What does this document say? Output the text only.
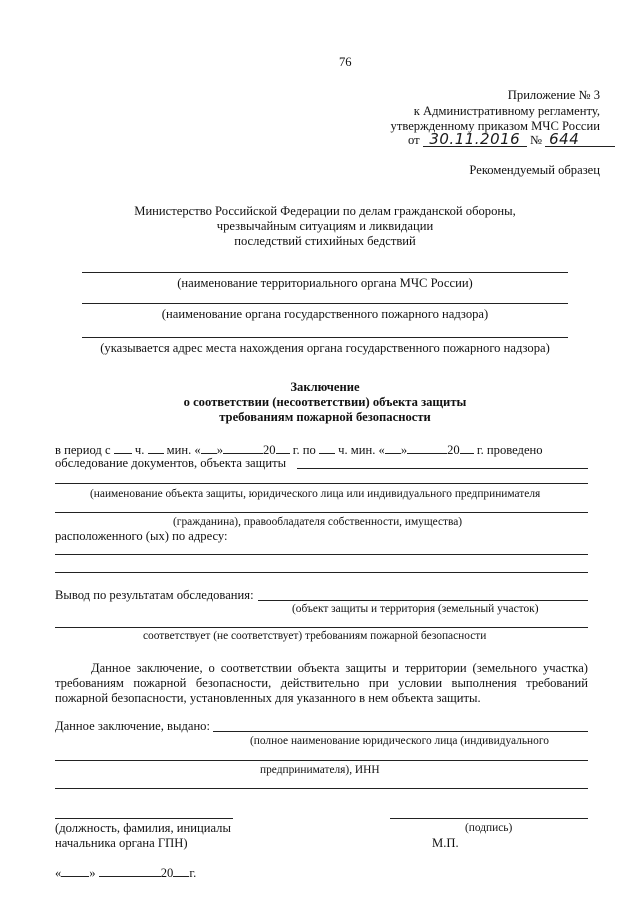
76
Приложение № 3
к Административному регламенту,
утвержденному приказом МЧС России
от 30.11.2016 № 644
Рекомендуемый образец
Министерство Российской Федерации по делам гражданской обороны,
чрезвычайным ситуациям и ликвидации
последствий стихийных бедствий
(наименование территориального органа МЧС России)
(наименование органа государственного пожарного надзора)
(указывается адрес места нахождения органа государственного пожарного надзора)
Заключение
о соответствии (несоответствии) объекта защиты
требованиям пожарной безопасности
в период с ч. мин. « »	20 г. по ч. мин. « »	20 г. проведено
обследование документов, объекта защиты
(наименование объекта защиты, юридического лица или индивидуального предпринимателя
(гражданина), правообладателя собственности, имущества)
расположенного (ых) по адресу:
Вывод по результатам обследования:
(объект защиты и территория (земельный участок)
соответствует (не соответствует) требованиям пожарной безопасности
Данное заключение, о соответствии объекта защиты и территории (земельного участка)
требованиям пожарной безопасности, действительно при условии выполнения требований
пожарной безопасности, установленных для указанного в нем объекта защиты.
Данное заключение, выдано:
(полное наименование юридического лица (индивидуального
предпринимателя), ИНН
(должность, фамилия, инициалы
начальника органа ГПН)
(подпись)
М.П.
« »	20 г.
